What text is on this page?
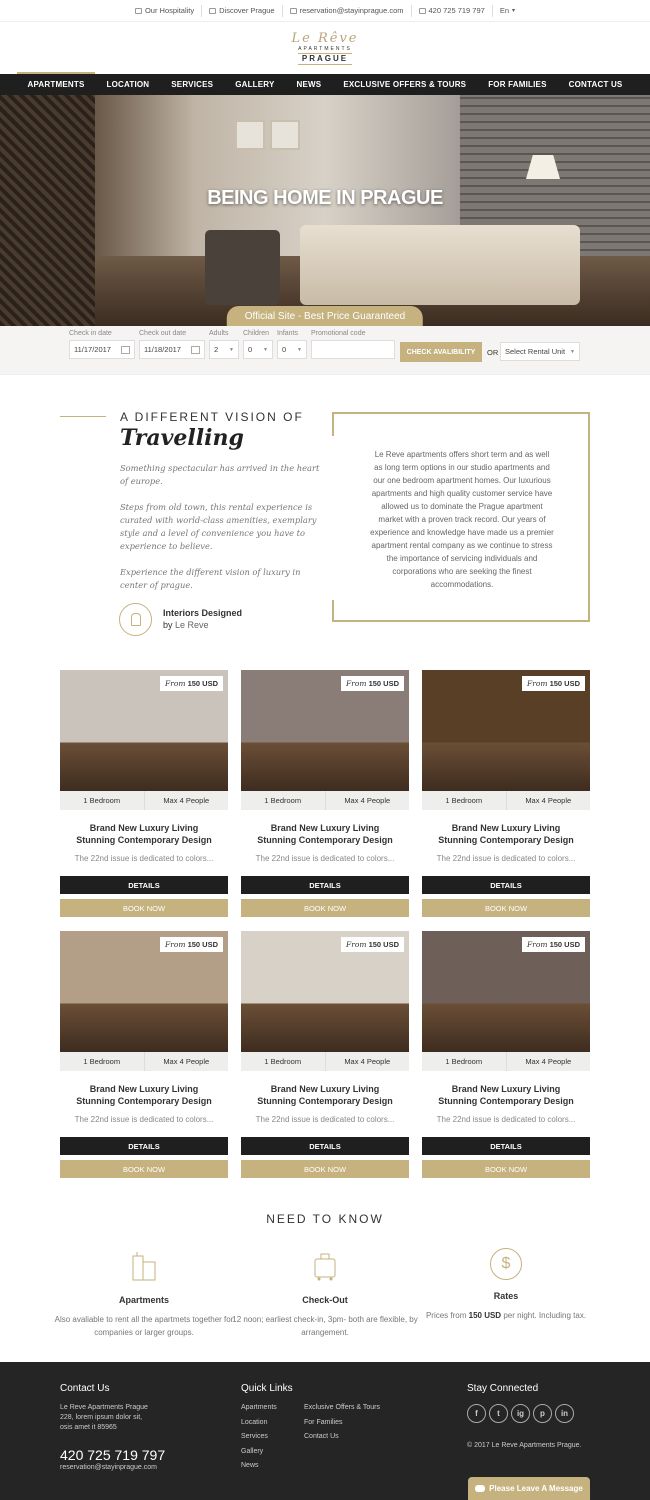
Our Hospitality	Discover Prague	reservation@stayinprague.com	420 725 719 797 En ▾
Le Rêve
APARTMENTS
PRAGUE
APARTMENTS	LOCATION	SERVICES	GALLERY	NEWS	EXCLUSIVE OFFERS & TOURS	FOR FAMILIES	CONTACT US
BEING HOME IN PRAGUE
Official Site - Best Price Guaranteed
Check in date
11/17/2017
Check out date
11/18/2017
Adults
2 ▼
Children
0 ▼
Infants
0 ▼
Promotional code
CHECK AVALIBILITY	OR Select Rental Unit ▼
A DIFFERENT VISION OF
Travelling
Something spectacular has arrived in the heart of europe.
Steps from old town, this rental experience is curated with world-class amenities, exemplary style and a level of convenience you have to experience to believe.
Experience the different vision of luxury in center of prague.
Interiors Designed
by Le Reve

Le Reve apartments offers short term and as well as long term options in our studio apartments and our one bedroom apartment homes. Our luxurious apartments and high quality customer service have allowed us to dominate the Prague apartment market with a proven track record. Our years of experience and knowledge have made us a premier apartment rental company as we continue to stress the importance of servicing individuals and corporations who are seeking the finest accommodations.

From 150 USD
1 Bedroom	Max 4 People
Brand New Luxury Living
Stunning Contemporary Design
The 22nd issue is dedicated to colors...
DETAILS
BOOK NOW
From 150 USD
1 Bedroom	Max 4 People
Brand New Luxury Living
Stunning Contemporary Design
The 22nd issue is dedicated to colors...
DETAILS
BOOK NOW
From 150 USD
1 Bedroom	Max 4 People
Brand New Luxury Living
Stunning Contemporary Design
The 22nd issue is dedicated to colors...
DETAILS
BOOK NOW
From 150 USD
1 Bedroom	Max 4 People
Brand New Luxury Living
Stunning Contemporary Design
The 22nd issue is dedicated to colors...
DETAILS
BOOK NOW
From 150 USD
1 Bedroom	Max 4 People
Brand New Luxury Living
Stunning Contemporary Design
The 22nd issue is dedicated to colors...
DETAILS
BOOK NOW
From 150 USD
1 Bedroom	Max 4 People
Brand New Luxury Living
Stunning Contemporary Design
The 22nd issue is dedicated to colors...
DETAILS
BOOK NOW
NEED TO KNOW
Apartments
Also avaliable to rent all the apartmets together for companies or larger groups.
Check-Out
12 noon; earliest check-in, 3pm- both are flexible, by arrangement.
$
Rates
Prices from 150 USD per night. Including tax.
Contact Us
Le Reve Apartments Prague
228, lorem ipsum dolor sit,
osis amet it 85965
420 725 719 797
reservation@stayinprague.com
Quick Links
Apartments
Location
Services
Gallery
News
Exclusive Offers & Tours
For Families
Contact Us
Stay Connected
f	t	ig	p	in
© 2017 Le Reve Apartments Prague.
Please Leave A Message
